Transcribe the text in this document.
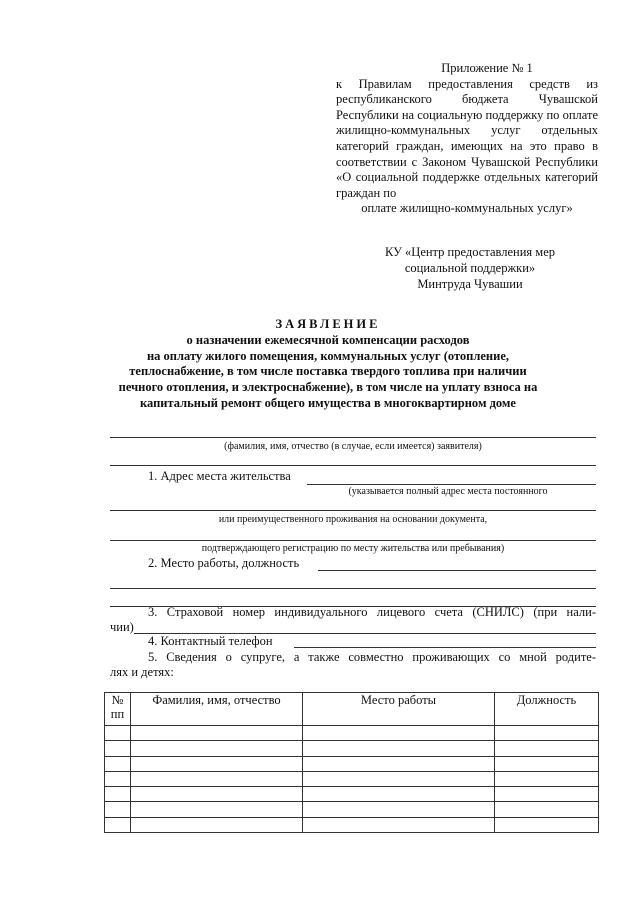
Приложение № 1
к Правилам предоставления средств из республиканского бюджета Чувашской Республики на социальную поддержку по оплате жилищно-коммунальных услуг отдельных категорий граждан, имеющих на это право в соответствии с Законом Чувашской Республики «О социальной поддержке отдельных категорий граждан по
оплате жилищно-коммунальных услуг»
КУ «Центр предоставления мер
социальной поддержки»
Минтруда Чувашии
ЗАЯВЛЕНИЕ
о назначении ежемесячной компенсации расходов
на оплату жилого помещения, коммунальных услуг (отопление,
теплоснабжение, в том числе поставка твердого топлива при наличии
печного отопления, и электроснабжение), в том числе на уплату взноса на
капитальный ремонт общего имущества в многоквартирном доме
(фамилия, имя, отчество (в случае, если имеется) заявителя)
1. Адрес места жительства
(указывается полный адрес места постоянного
или преимущественного проживания на основании документа,
подтверждающего регистрацию по месту жительства или пребывания)
2. Место работы, должность
3. Страховой номер индивидуального лицевого счета (СНИЛС) (при нали-
чии)
4. Контактный телефон
5. Сведения о супруге, а также совместно проживающих со мной родите-
лях и детях:
№ пп	Фамилия, имя, отчество	Место работы	Должность
